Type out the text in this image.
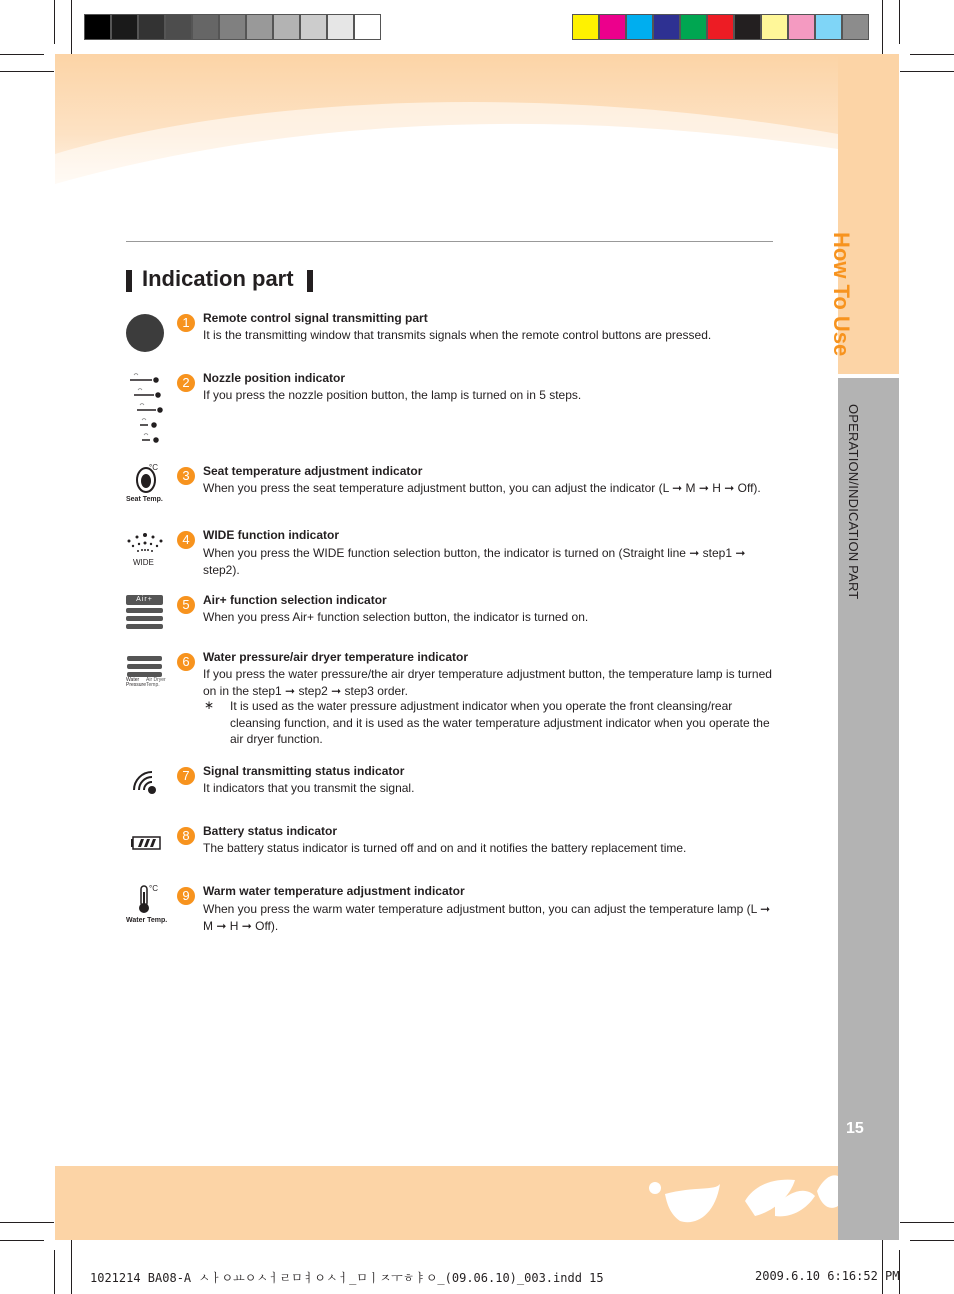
How To Use
OPERATION/INDICATION PART
15
Indication part
1	Remote control signal transmitting part
It is the transmitting window that transmits signals when the remote control buttons are pressed.
2	Nozzle position indicator
If you press the nozzle position button, the lamp is turned on in 5 steps.
°C
Seat Temp.
3	Seat temperature adjustment indicator
When you press the seat temperature adjustment button, you can adjust the indicator (L ➞ M ➞ H ➞ Off).
WIDE
4	WIDE function indicator
When you press the WIDE function selection button, the indicator is turned on (Straight line ➞ step1 ➞ step2).
Air+	5	Air+ function selection indicator
When you press Air+ function selection button, the indicator is turned on.
Water Pressure
Air Dryer Temp.
6	Water pressure/air dryer temperature indicator
If you press the water pressure/the air dryer temperature adjustment button, the temperature lamp is turned on in the step1 ➞ step2 ➞ step3 order.
∗ It is used as the water pressure adjustment indicator when you operate the front cleansing/rear cleansing function, and it is used as the water temperature adjustment indicator when you operate the air dryer function.
7	Signal transmitting status indicator
It indicators that you transmit the signal.
8	Battery status indicator
The battery status indicator is turned off and on and it notifies the battery replacement time.
°C
Water Temp.
9	Warm water temperature adjustment indicator
When you press the warm water temperature adjustment button, you can adjust the temperature lamp (L ➞ M ➞ H ➞ Off).
1021214 BA08-A ㅅㅏㅇㅛㅇㅅㅓㄹㅁㅕㅇㅅㅓ_ㅁㅣㅈㅜㅎㅑㅇ_(09.06.10)_003.indd 15	2009.6.10 6:16:52 PM
